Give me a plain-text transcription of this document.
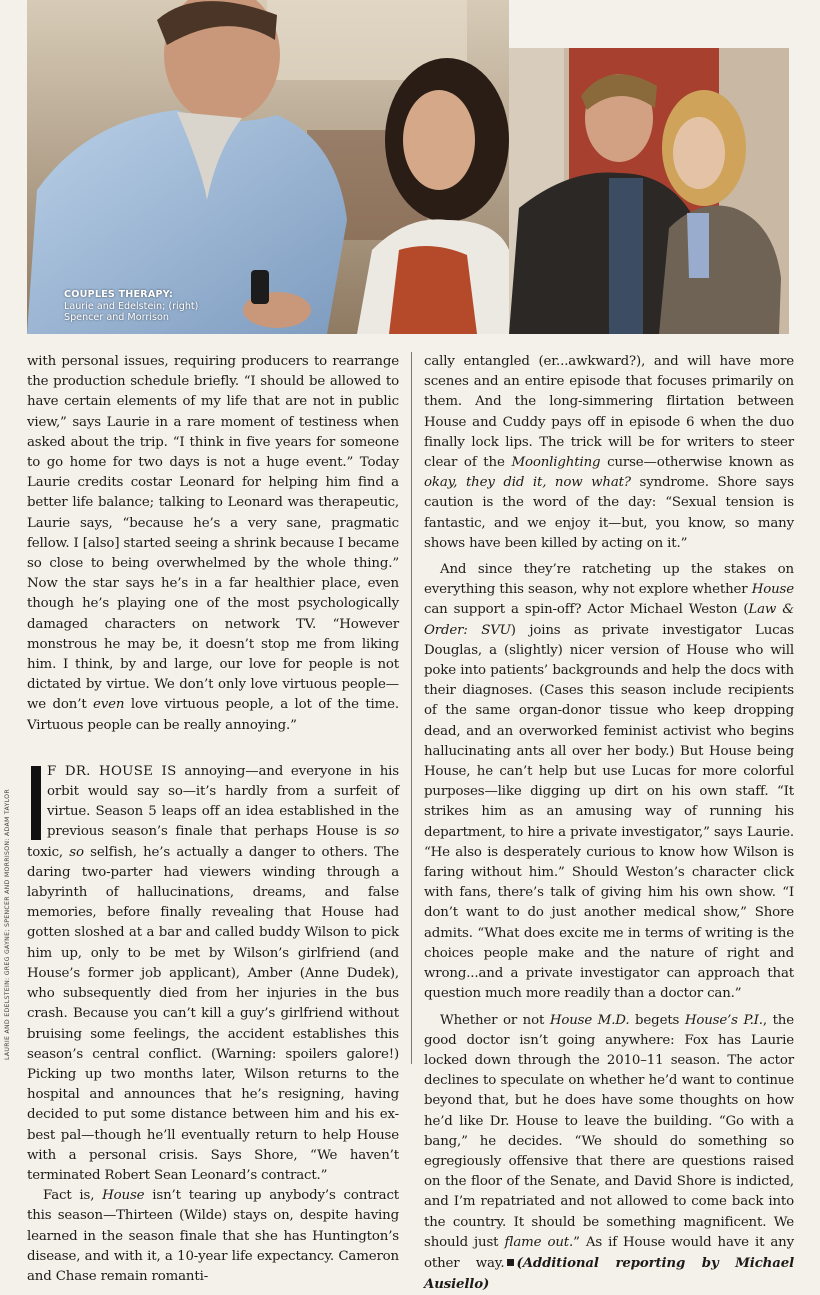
COUPLES THERAPY:
Laurie and Edelstein; (right)
Spencer and Morrison

with personal issues, requiring producers to rearrange the production schedule briefly. “I should be allowed to have certain elements of my life that are not in public view,” says Laurie in a rare moment of testiness when asked about the trip. “I think in five years for someone to go home for two days is not a huge event.” Today Laurie credits costar Leonard for helping him find a better life balance; talking to Leonard was therapeutic, Laurie says, “because he’s a very sane, pragmatic fellow. I [also] started seeing a shrink because I became so close to being overwhelmed by the whole thing.” Now the star says he’s in a far healthier place, even though he’s playing one of the most psychologically damaged characters on network TV. “However monstrous he may be, it doesn’t stop me from liking him. I think, by and large, our love for people is not dictated by virtue. We don’t only love virtuous people—we don’t even love virtuous people, a lot of the time. Virtuous people can be really annoying.”

F DR. HOUSE IS annoying—and everyone in his orbit would say so—it’s hardly from a surfeit of virtue. Season 5 leaps off an idea established in the previous season’s finale that perhaps House is so toxic, so selfish, he’s actually a danger to others. The daring two-parter had viewers winding through a labyrinth of hallucinations, dreams, and false memories, before finally revealing that House had gotten sloshed at a bar and called buddy Wilson to pick him up, only to be met by Wilson’s girlfriend (and House’s former job applicant), Amber (Anne Dudek), who subsequently died from her injuries in the bus crash. Because you can’t kill a guy’s girlfriend without bruising some feelings, the accident establishes this season’s central conflict. (Warning: spoilers galore!) Picking up two months later, Wilson returns to the hospital and announces that he’s resigning, having decided to put some distance between him and his ex-best pal—though he’ll eventually return to help House with a personal crisis. Says Shore, “We haven’t terminated Robert Sean Leonard’s contract.”

Fact is, House isn’t tearing up anybody’s contract this season—Thirteen (Wilde) stays on, despite having learned in the season finale that she has Huntington’s disease, and with it, a 10-year life expectancy. Cameron and Chase remain romanti-

cally entangled (er...awkward?), and will have more scenes and an entire episode that focuses primarily on them. And the long-simmering flirtation between House and Cuddy pays off in episode 6 when the duo finally lock lips. The trick will be for writers to steer clear of the Moonlighting curse—otherwise known as okay, they did it, now what? syndrome. Shore says caution is the word of the day: “Sexual tension is fantastic, and we enjoy it—but, you know, so many shows have been killed by acting on it.”

And since they’re ratcheting up the stakes on everything this season, why not explore whether House can support a spin-off? Actor Michael Weston (Law & Order: SVU) joins as private investigator Lucas Douglas, a (slightly) nicer version of House who will poke into patients’ backgrounds and help the docs with their diagnoses. (Cases this season include recipients of the same organ-donor tissue who keep dropping dead, and an overworked feminist activist who begins hallucinating ants all over her body.) But House being House, he can’t help but use Lucas for more colorful purposes—like digging up dirt on his own staff. “It strikes him as an amusing way of running his department, to hire a private investigator,” says Laurie. “He also is desperately curious to know how Wilson is faring without him.” Should Weston’s character click with fans, there’s talk of giving him his own show. “I don’t want to do just another medical show,” Shore admits. “What does excite me in terms of writing is the choices people make and the nature of right and wrong...and a private investigator can approach that question much more readily than a doctor can.”

Whether or not House M.D. begets House’s P.I., the good doctor isn’t going anywhere: Fox has Laurie locked down through the 2010–11 season. The actor declines to speculate on whether he’d want to continue beyond that, but he does have some thoughts on how he’d like Dr. House to leave the building. “Go with a bang,” he decides. “We should do something so egregiously offensive that there are questions raised on the floor of the Senate, and David Shore is indicted, and I’m repatriated and not allowed to come back into the country. It should be something magnificent. We should just flame out.” As if House would have it any other way. (Additional reporting by Michael Ausiello)

LAURIE AND EDELSTEIN: GREG GAYNE; SPENCER AND MORRISON: ADAM TAYLOR
